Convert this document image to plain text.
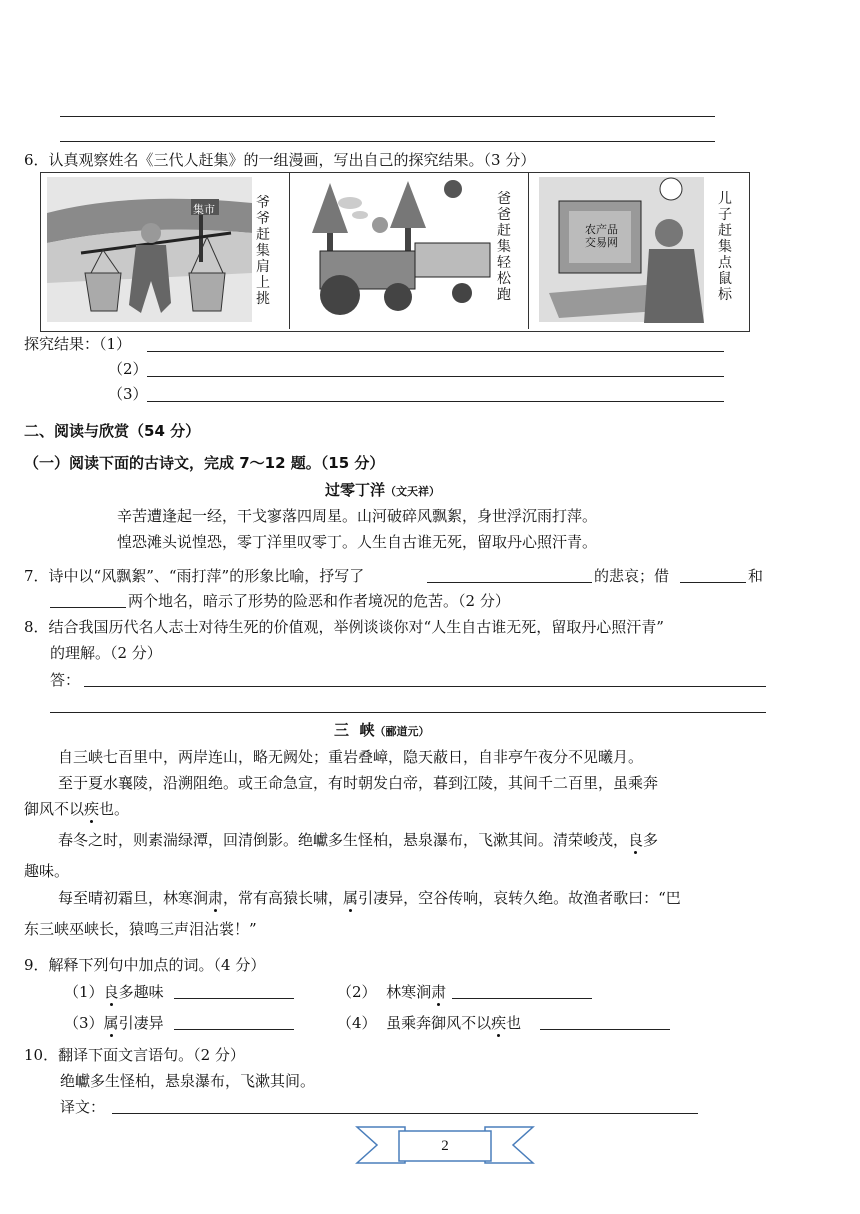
6．认真观察姓名《三代人赶集》的一组漫画，写出自己的探究结果。（3 分）
集市	爷爷赶集肩上挑
爸爸赶集轻松跑
农产品交易网
儿子赶集点鼠标
探究结果：（1）
（2）
（3）
二、阅读与欣赏（54 分）
（一）阅读下面的古诗文，完成 7～12 题。（15 分）
过零丁洋（文天祥）
辛苦遭逢起一经，干戈寥落四周星。山河破碎风飘絮，身世浮沉雨打萍。
惶恐滩头说惶恐，零丁洋里叹零丁。人生自古谁无死，留取丹心照汗青。
7．诗中以“风飘絮”、“雨打萍”的形象比喻，抒写了	的悲哀；借	和
两个地名，暗示了形势的险恶和作者境况的危苦。（2 分）
8．结合我国历代名人志士对待生死的价值观，举例谈谈你对“人生自古谁无死，留取丹心照汗青”
的理解。（2 分）
答：
三  峡（郦道元）
自三峡七百里中，两岸连山，略无阙处；重岩叠嶂，隐天蔽日，自非亭午夜分不见曦月。
至于夏水襄陵，沿溯阻绝。或王命急宣，有时朝发白帝，暮到江陵，其间千二百里，虽乘奔
御风不以疾也。
春冬之时，则素湍绿潭，回清倒影。绝巘多生怪柏，悬泉瀑布，飞漱其间。清荣峻茂，良多
趣味。
每至晴初霜旦，林寒涧肃，常有高猿长啸，属引凄异，空谷传响，哀转久绝。故渔者歌曰：“巴
东三峡巫峡长，猿鸣三声泪沾裳！”
9．解释下列句中加点的词。（4 分）
（1）良多趣味	（2）  林寒涧肃
（3）属引凄异	（4）  虽乘奔御风不以疾也
10．翻译下面文言语句。（2 分）
绝巘多生怪柏，悬泉瀑布，飞漱其间。
译文：
2
